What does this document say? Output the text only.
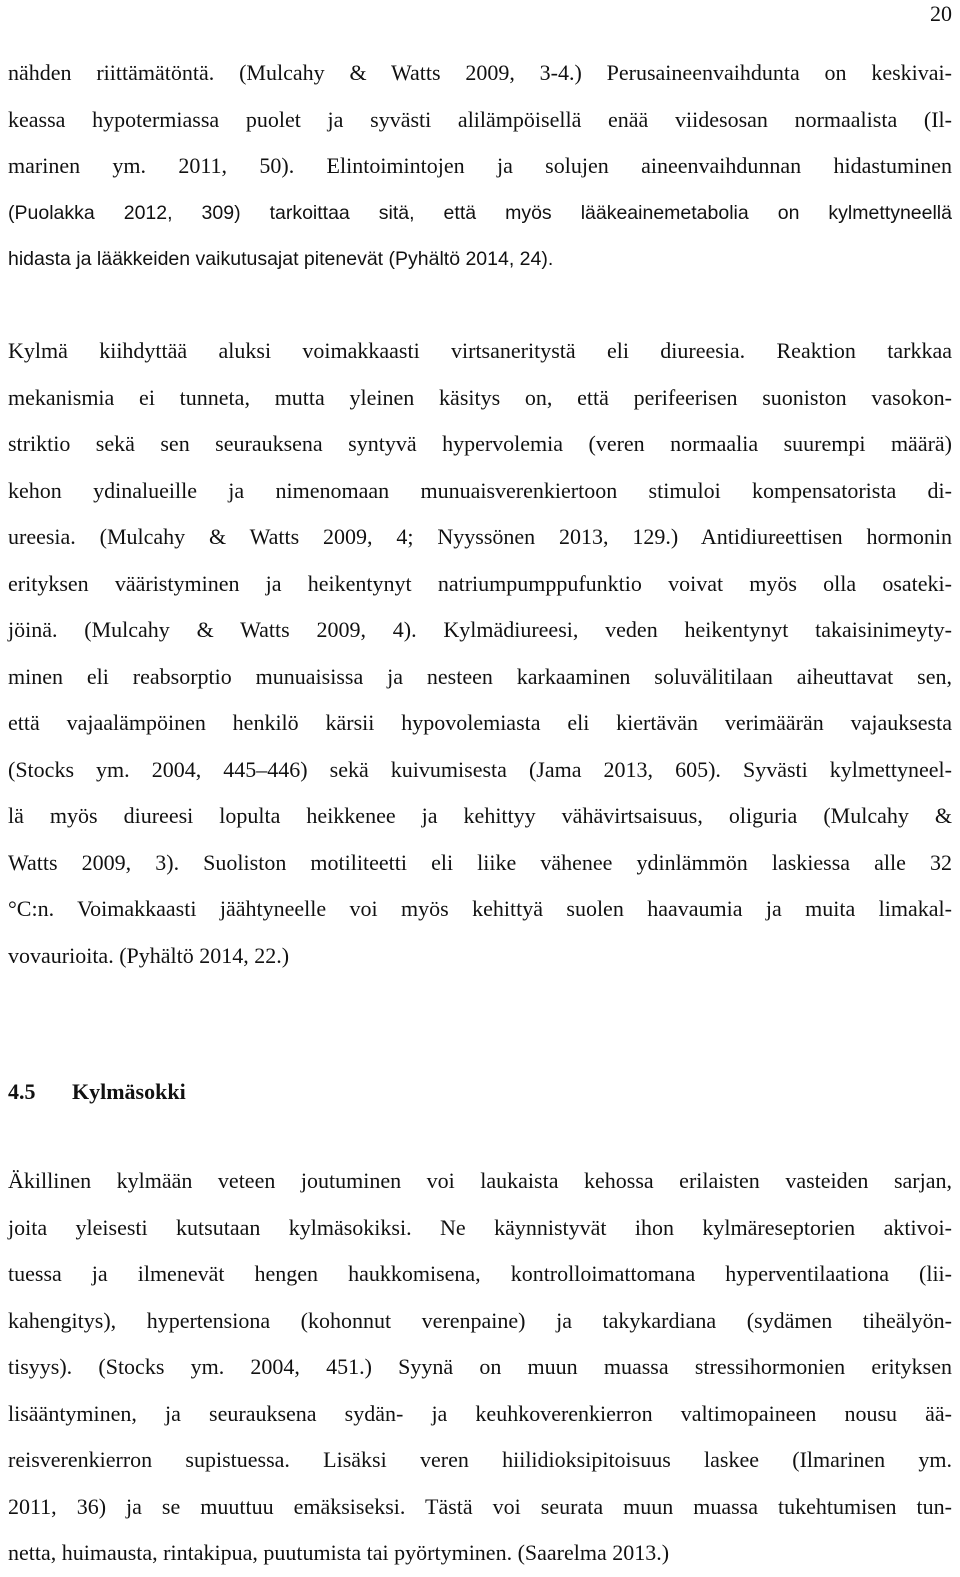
20
nähden riittämätöntä. (Mulcahy & Watts 2009, 3-4.) Perusaineenvaihdunta on keskivai-
keassa hypotermiassa puolet ja syvästi alilämpöisellä enää viidesosan normaalista (Il-
marinen ym. 2011, 50). Elintoimintojen ja solujen aineenvaihdunnan hidastuminen
(Puolakka 2012, 309) tarkoittaa sitä, että myös lääkeainemetabolia on kylmettyneellä
hidasta ja lääkkeiden vaikutusajat pitenevät (Pyhältö 2014, 24).
Kylmä kiihdyttää aluksi voimakkaasti virtsaneritystä eli diureesia. Reaktion tarkkaa
mekanismia ei tunneta, mutta yleinen käsitys on, että perifeerisen suoniston vasokon-
striktio sekä sen seurauksena syntyvä hypervolemia (veren normaalia suurempi määrä)
kehon ydinalueille ja nimenomaan munuaisverenkiertoon stimuloi kompensatorista di-
ureesia. (Mulcahy & Watts 2009, 4; Nyyssönen 2013, 129.) Antidiureettisen hormonin
erityksen vääristyminen ja heikentynyt natriumpumppufunktio voivat myös olla osateki-
jöinä. (Mulcahy & Watts 2009, 4). Kylmädiureesi, veden heikentynyt takaisinimeyty-
minen eli reabsorptio munuaisissa ja nesteen karkaaminen soluvälitilaan aiheuttavat sen,
että vajaalämpöinen henkilö kärsii hypovolemiasta eli kiertävän verimäärän vajauksesta
(Stocks ym. 2004, 445–446) sekä kuivumisesta (Jama 2013, 605). Syvästi kylmettyneel-
lä myös diureesi lopulta heikkenee ja kehittyy vähävirtsaisuus, oliguria (Mulcahy &
Watts 2009, 3). Suoliston motiliteetti eli liike vähenee ydinlämmön laskiessa alle 32
°C:n. Voimakkaasti jäähtyneelle voi myös kehittyä suolen haavaumia ja muita limakal-
vovaurioita. (Pyhältö 2014, 22.)
4.5 Kylmäsokki
Äkillinen kylmään veteen joutuminen voi laukaista kehossa erilaisten vasteiden sarjan,
joita yleisesti kutsutaan kylmäsokiksi. Ne käynnistyvät ihon kylmäreseptorien aktivoi-
tuessa ja ilmenevät hengen haukkomisena, kontrolloimattomana hyperventilaationa (lii-
kahengitys), hypertensiona (kohonnut verenpaine) ja takykardiana (sydämen tiheälyön-
tisyys). (Stocks ym. 2004, 451.) Syynä on muun muassa stressihormonien erityksen
lisääntyminen, ja seurauksena sydän- ja keuhkoverenkierron valtimopaineen nousu ää-
reisverenkierron supistuessa. Lisäksi veren hiilidioksipitoisuus laskee (Ilmarinen ym.
2011, 36) ja se muuttuu emäksiseksi. Tästä voi seurata muun muassa tukehtumisen tun-
netta, huimausta, rintakipua, puutumista tai pyörtyminen. (Saarelma 2013.)
